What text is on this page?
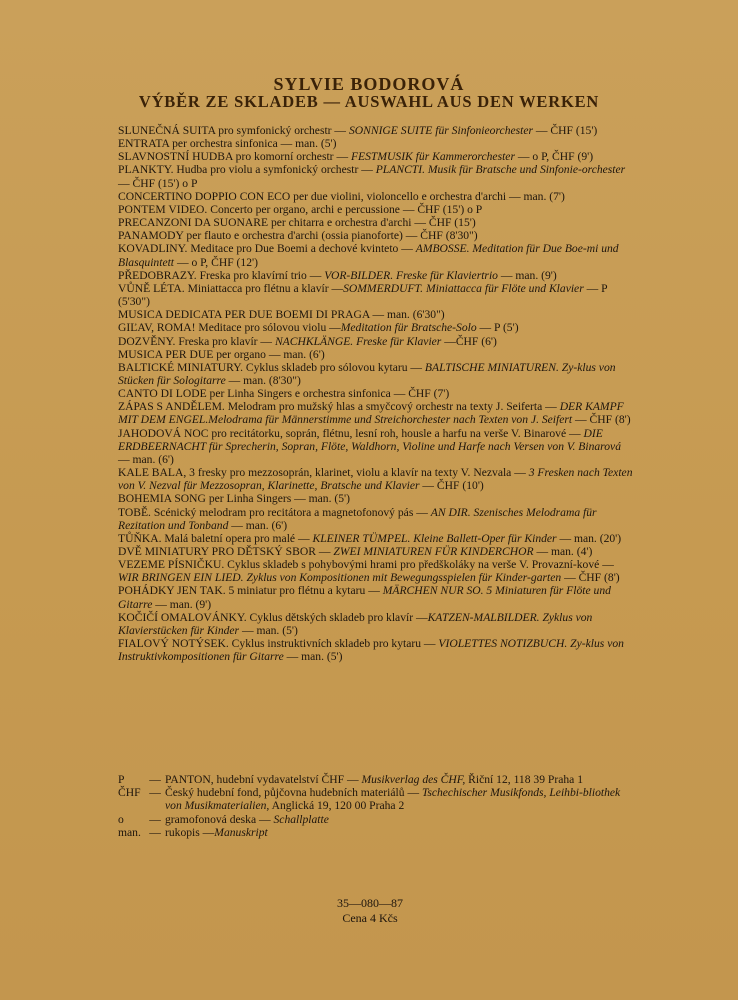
SYLVIE BODOROVÁ
VÝBĚR ZE SKLADEB — AUSWAHL AUS DEN WERKEN
SLUNEČNÁ SUITA pro symfonický orchestr — SONNIGE SUITE für Sinfonieorchester — ČHF (15')
ENTRATA per orchestra sinfonica — man. (5')
SLAVNOSTNÍ HUDBA pro komorní orchestr — FESTMUSIK für Kammerorchester — o P, ČHF (9')
PLANKTY. Hudba pro violu a symfonický orchestr — PLANCTI. Musik für Bratsche und Sinfonie-orchester — ČHF (15') o P
CONCERTINO DOPPIO CON ECO per due violini, violoncello e orchestra d'archi — man. (7')
PONTEM VIDEO. Concerto per organo, archi e percussione — ČHF (15') o P
PRECANZONI DA SUONARE per chitarra e orchestra d'archi — ČHF (15')
PANAMODY per flauto e orchestra d'archi (ossia pianoforte) — ČHF (8'30")
KOVADLINY. Meditace pro Due Boemi a dechové kvinteto — AMBOSSE. Meditation für Due Boe-mi und Blasquintett — o P, ČHF (12')
PŘEDOBRAZY. Freska pro klavírní trio — VOR-BILDER. Freske für Klaviertrio — man. (9')
VŮNĚ LÉTA. Miniattacca pro flétnu a klavír —SOMMERDUFT. Miniattacca für Flöte und Klavier — P (5'30")
MUSICA DEDICATA PER DUE BOEMI DI PRAGA — man. (6'30")
GIĽAV, ROMA! Meditace pro sólovou violu —Meditation für Bratsche-Solo — P (5')
DOZVĚNY. Freska pro klavír — NACHKLÄNGE. Freske für Klavier —ČHF (6')
MUSICA PER DUE per organo — man. (6')
BALTICKÉ MINIATURY. Cyklus skladeb pro sólovou kytaru — BALTISCHE MINIATUREN. Zy-klus von Stücken für Sologitarre — man. (8'30")
CANTO DI LODE per Linha Singers e orchestra sinfonica — ČHF (7')
ZÁPAS S ANDĚLEM. Melodram pro mužský hlas a smyčcový orchestr na texty J. Seiferta — DER KAMPF MIT DEM ENGEL.Melodrama für Männerstimme und Streichorchester nach Texten von J. Seifert — ČHF (8')
JAHODOVÁ NOC pro recitátorku, soprán, flétnu, lesní roh, housle a harfu na verše V. Binarové — DIE ERDBEERNACHT für Sprecherin, Sopran, Flöte, Waldhorn, Violine und Harfe nach Versen von V. Binarová — man. (6')
KALE BALA, 3 fresky pro mezzosoprán, klarinet, violu a klavír na texty V. Nezvala — 3 Fresken nach Texten von V. Nezval für Mezzosopran, Klarinette, Bratsche und Klavier — ČHF (10')
BOHEMIA SONG per Linha Singers — man. (5')
TOBĚ. Scénický melodram pro recitátora a magnetofonový pás — AN DIR. Szenisches Melodrama für Rezitation und Tonband — man. (6')
TŮŇKA. Malá baletní opera pro malé — KLEINER TÜMPEL. Kleine Ballett-Oper für Kinder — man. (20')
DVĚ MINIATURY PRO DĚTSKÝ SBOR — ZWEI MINIATUREN FÜR KINDERCHOR — man. (4')
VEZEME PÍSNIČKU. Cyklus skladeb s pohybovými hrami pro předškoláky na verše V. Provazní-kové — WIR BRINGEN EIN LIED. Zyklus von Kompositionen mit Bewegungsspielen für Kinder-garten — ČHF (8')
POHÁDKY JEN TAK. 5 miniatur pro flétnu a kytaru — MÄRCHEN NUR SO. 5 Miniaturen für Flöte und Gitarre — man. (9')
KOČIČÍ OMALOVÁNKY. Cyklus dětských skladeb pro klavír —KATZEN-MALBILDER. Zyklus von Klavierstücken für Kinder — man. (5')
FIALOVÝ NOTÝSEK. Cyklus instruktivních skladeb pro kytaru — VIOLETTES NOTIZBUCH. Zy-klus von Instruktivkompositionen für Gitarre — man. (5')
P	— PANTON, hudební vydavatelství ČHF — Musikverlag des ČHF, Řiční 12, 118 39 Praha 1
ČHF — Český hudební fond, půjčovna hudebních materiálů — Tschechischer Musikfonds, Leihbi-bliothek von Musikmaterialien, Anglická 19, 120 00 Praha 2
o	— gramofonová deska — Schallplatte
man. — rukopis —Manuskript
35—080—87
Cena 4 Kčs
